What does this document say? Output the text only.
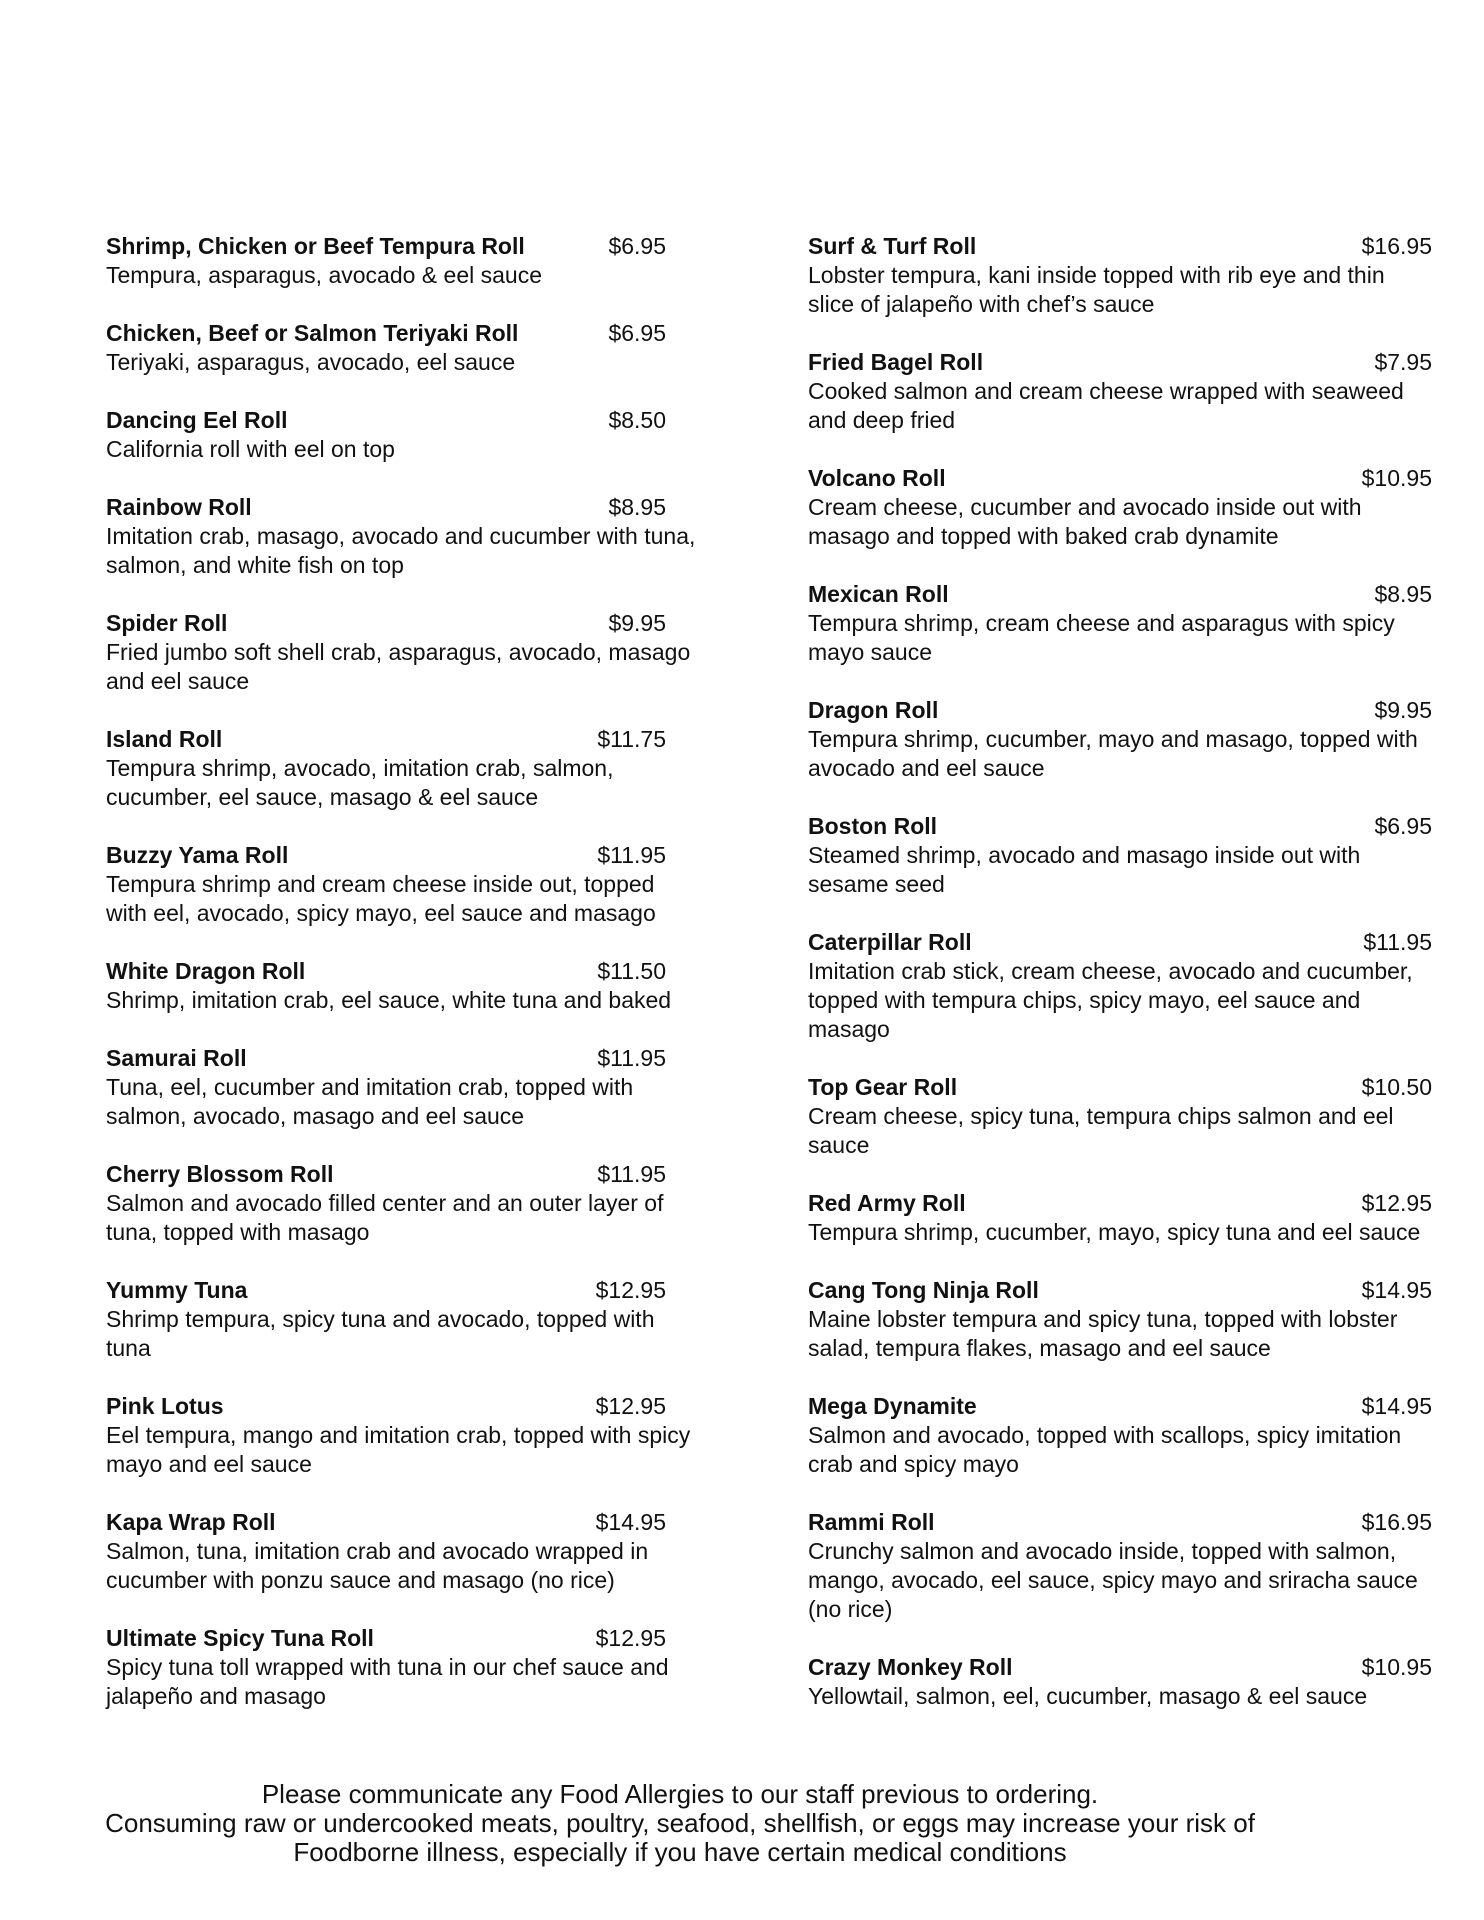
Shrimp, Chicken or Beef Tempura Roll	$6.95

Tempura, asparagus, avocado & eel sauce

Chicken, Beef or Salmon Teriyaki Roll	$6.95

Teriyaki, asparagus, avocado, eel sauce

Dancing Eel Roll	$8.50

California roll with eel on top

Rainbow Roll	$8.95

Imitation crab, masago, avocado and cucumber with tuna, salmon, and white fish on top

Spider Roll	$9.95

Fried jumbo soft shell crab, asparagus, avocado, masago and eel sauce

Island Roll	$11.75

Tempura shrimp, avocado, imitation crab, salmon, cucumber, eel sauce, masago & eel sauce

Buzzy Yama Roll	$11.95

Tempura shrimp and cream cheese inside out, topped with eel, avocado, spicy mayo, eel sauce and masago

White Dragon Roll	$11.50

Shrimp, imitation crab, eel sauce, white tuna and baked

Samurai Roll	$11.95

Tuna, eel, cucumber and imitation crab, topped with salmon, avocado, masago and eel sauce

Cherry Blossom Roll	$11.95

Salmon and avocado filled center and an outer layer of tuna, topped with masago

Yummy Tuna	$12.95

Shrimp tempura, spicy tuna and avocado, topped with tuna

Pink Lotus	$12.95

Eel tempura, mango and imitation crab, topped with spicy mayo and eel sauce

Kapa Wrap Roll	$14.95

Salmon, tuna, imitation crab and avocado wrapped in cucumber with ponzu sauce and masago (no rice)

Ultimate Spicy Tuna Roll	$12.95

Spicy tuna toll wrapped with tuna in our chef sauce and jalapeño and masago

Surf & Turf Roll	$16.95

Lobster tempura, kani inside topped with rib eye and thin slice of jalapeño with chef’s sauce

Fried Bagel Roll	$7.95

Cooked salmon and cream cheese wrapped with seaweed and deep fried

Volcano Roll	$10.95

Cream cheese, cucumber and avocado inside out with masago and topped with baked crab dynamite

Mexican Roll	$8.95

Tempura shrimp, cream cheese and asparagus with spicy mayo sauce

Dragon Roll	$9.95

Tempura shrimp, cucumber, mayo and masago, topped with avocado and eel sauce

Boston Roll	$6.95

Steamed shrimp, avocado and masago inside out with sesame seed

Caterpillar Roll	$11.95

Imitation crab stick, cream cheese, avocado and cucumber, topped with tempura chips, spicy mayo, eel sauce and masago

Top Gear Roll	$10.50

Cream cheese, spicy tuna, tempura chips salmon and eel sauce

Red Army Roll	$12.95

Tempura shrimp, cucumber, mayo, spicy tuna and eel sauce

Cang Tong Ninja Roll	$14.95

Maine lobster tempura and spicy tuna, topped with lobster salad, tempura flakes, masago and eel sauce

Mega Dynamite	$14.95

Salmon and avocado, topped with scallops, spicy imitation crab and spicy mayo

Rammi Roll	$16.95

Crunchy salmon and avocado inside, topped with salmon, mango, avocado, eel sauce, spicy mayo and sriracha sauce (no rice)

Crazy Monkey Roll	$10.95

Yellowtail, salmon, eel, cucumber, masago & eel sauce

Please communicate any Food Allergies to our staff previous to ordering.

Consuming raw or undercooked meats, poultry, seafood, shellfish, or eggs may increase your risk of

Foodborne illness, especially if you have certain medical conditions
